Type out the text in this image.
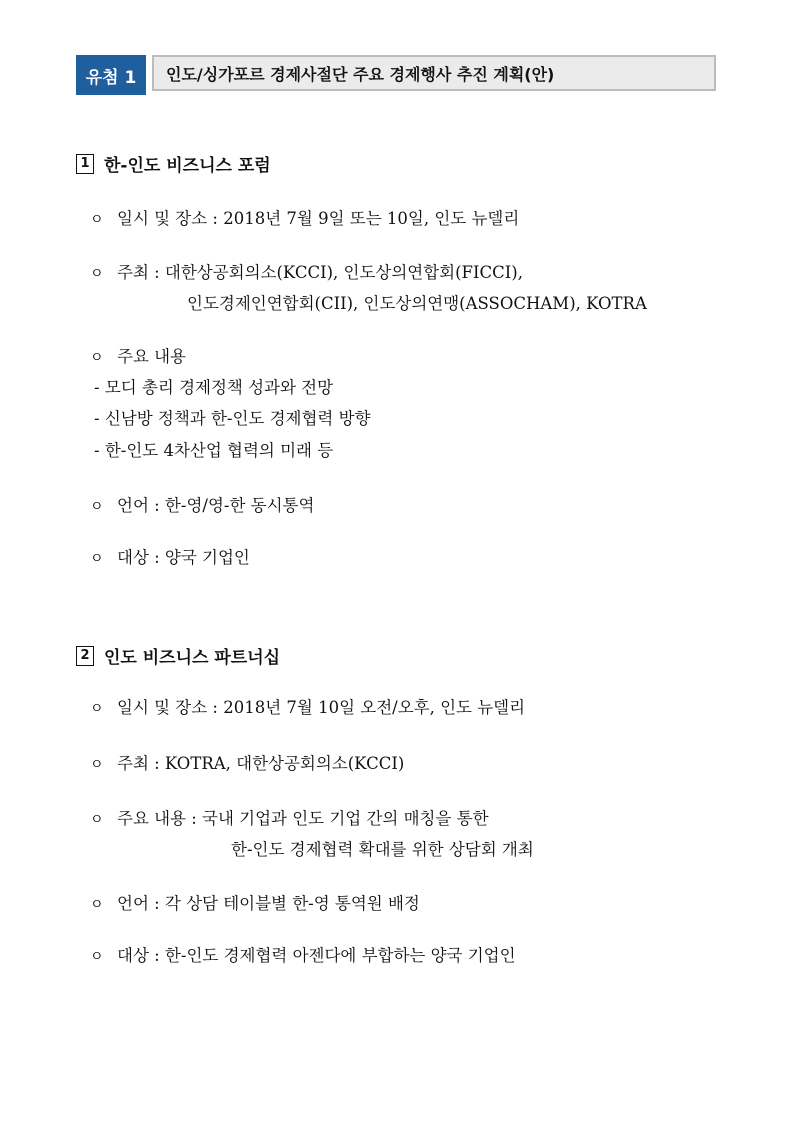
유첨 1	인도/싱가포르 경제사절단 주요 경제행사 추진 계획(안)
1 한-인도 비즈니스 포럼
ㅇ 일시 및 장소 : 2018년 7월 9일 또는 10일, 인도 뉴델리
ㅇ 주최 : 대한상공회의소(KCCI), 인도상의연합회(FICCI),
인도경제인연합회(CII), 인도상의연맹(ASSOCHAM), KOTRA
ㅇ 주요 내용
- 모디 총리 경제정책 성과와 전망
- 신남방 정책과 한-인도 경제협력 방향
- 한-인도 4차산업 협력의 미래 등
ㅇ 언어 : 한-영/영-한 동시통역
ㅇ 대상 : 양국 기업인
2 인도 비즈니스 파트너십
ㅇ 일시 및 장소 : 2018년 7월 10일 오전/오후, 인도 뉴델리
ㅇ 주최 : KOTRA, 대한상공회의소(KCCI)
ㅇ 주요 내용 : 국내 기업과 인도 기업 간의 매칭을 통한
한-인도 경제협력 확대를 위한 상담회 개최
ㅇ 언어 : 각 상담 테이블별 한-영 통역원 배정
ㅇ 대상 : 한-인도 경제협력 아젠다에 부합하는 양국 기업인
